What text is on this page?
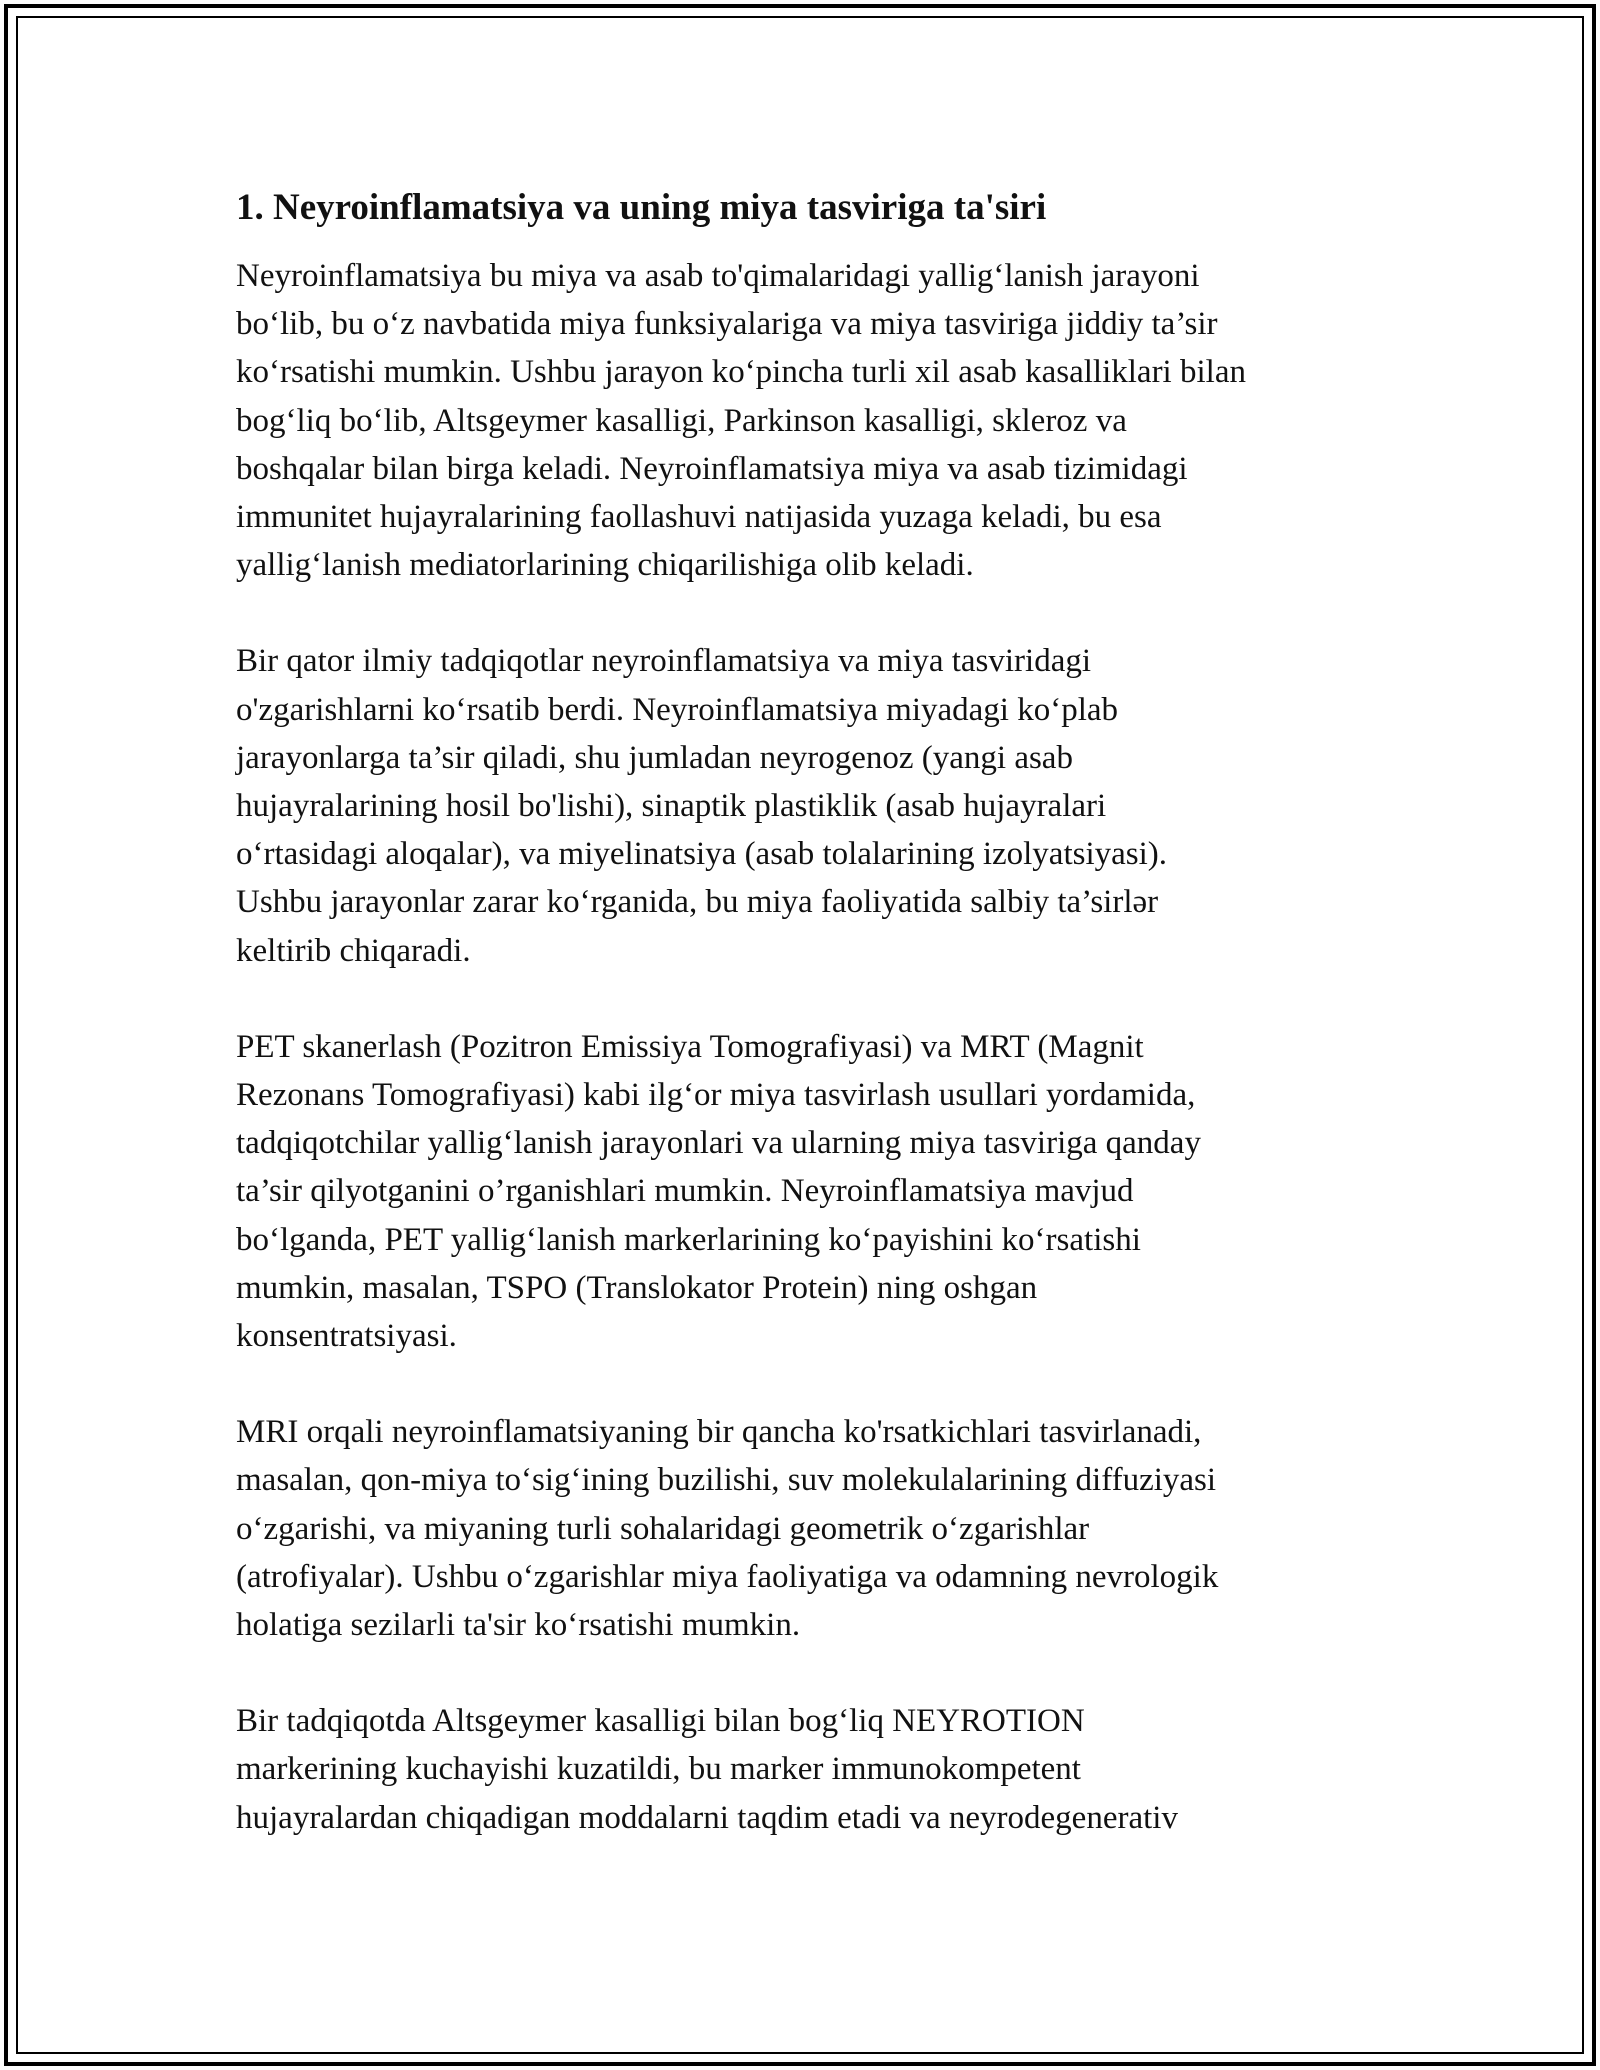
1. Neyroinflamatsiya va uning miya tasviriga ta'siri
Neyroinflamatsiya bu miya va asab to'qimalaridagi yallig‘lanish jarayoni
bo‘lib, bu o‘z navbatida miya funksiyalariga va miya tasviriga jiddiy ta’sir
ko‘rsatishi mumkin. Ushbu jarayon ko‘pincha turli xil asab kasalliklari bilan
bog‘liq bo‘lib, Altsgeymer kasalligi, Parkinson kasalligi, skleroz va
boshqalar bilan birga keladi. Neyroinflamatsiya miya va asab tizimidagi
immunitet hujayralarining faollashuvi natijasida yuzaga keladi, bu esa
yallig‘lanish mediatorlarining chiqarilishiga olib keladi.
Bir qator ilmiy tadqiqotlar neyroinflamatsiya va miya tasviridagi
o'zgarishlarni ko‘rsatib berdi. Neyroinflamatsiya miyadagi ko‘plab
jarayonlarga ta’sir qiladi, shu jumladan neyrogenoz (yangi asab
hujayralarining hosil bo'lishi), sinaptik plastiklik (asab hujayralari
o‘rtasidagi aloqalar), va miyelinatsiya (asab tolalarining izolyatsiyasi).
Ushbu jarayonlar zarar ko‘rganida, bu miya faoliyatida salbiy ta’sirlər
keltirib chiqaradi.
PET skanerlash (Pozitron Emissiya Tomografiyasi) va MRT (Magnit
Rezonans Tomografiyasi) kabi ilg‘or miya tasvirlash usullari yordamida,
tadqiqotchilar yallig‘lanish jarayonlari va ularning miya tasviriga qanday
ta’sir qilyotganini o’rganishlari mumkin. Neyroinflamatsiya mavjud
bo‘lganda, PET yallig‘lanish markerlarining ko‘payishini ko‘rsatishi
mumkin, masalan, TSPO (Translokator Protein) ning oshgan
konsentratsiyasi.
MRI orqali neyroinflamatsiyaning bir qancha ko'rsatkichlari tasvirlanadi,
masalan, qon-miya to‘sig‘ining buzilishi, suv molekulalarining diffuziyasi
o‘zgarishi, va miyaning turli sohalaridagi geometrik o‘zgarishlar
(atrofiyalar). Ushbu o‘zgarishlar miya faoliyatiga va odamning nevrologik
holatiga sezilarli ta'sir ko‘rsatishi mumkin.
Bir tadqiqotda Altsgeymer kasalligi bilan bog‘liq NEYROTION
markerining kuchayishi kuzatildi, bu marker immunokompetent
hujayralardan chiqadigan moddalarni taqdim etadi va neyrodegenerativ
